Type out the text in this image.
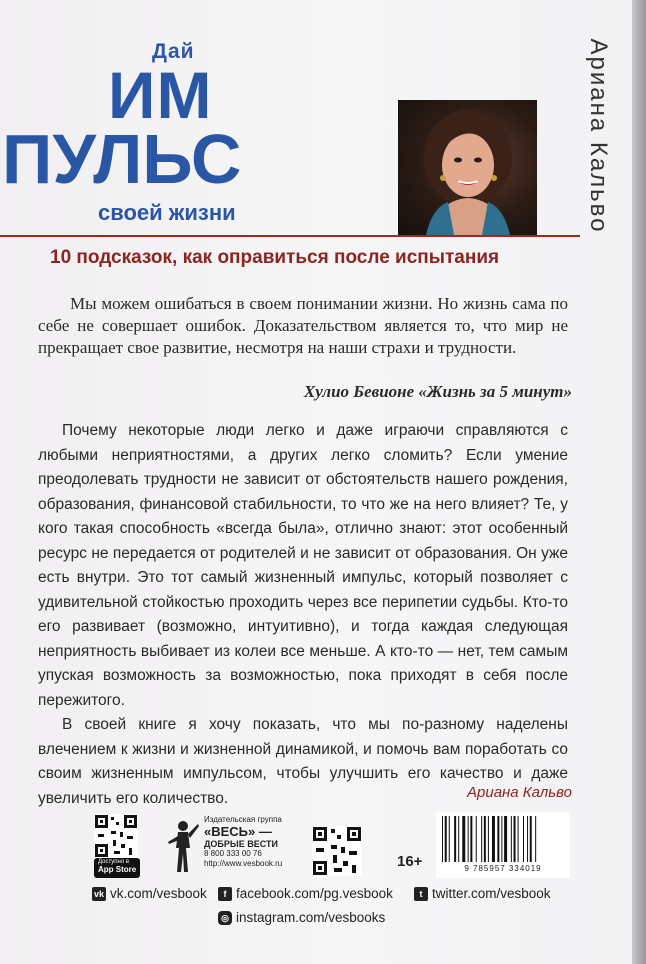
Дай
ИМ
ПУЛЬС
своей жизни	Ариана Кальво
10 подсказок, как оправиться после испытания
Мы можем ошибаться в своем понимании жизни. Но жизнь сама по себе не совершает ошибок. Доказательством является то, что мир не прекращает свое развитие, несмотря на наши страхи и трудности.
Хулио Бевионе «Жизнь за 5 минут»

Почему некоторые люди легко и даже играючи справляются с любыми неприятностями, а других легко сломить? Если умение преодолевать трудности не зависит от обстоятельств нашего рождения, образования, финансовой стабильности, то что же на него влияет? Те, у кого такая способность «всегда была», отлично знают: этот особенный ресурс не передается от родителей и не зависит от образования. Он уже есть внутри. Это тот самый жизненный импульс, который позволяет с удивительной стойкостью проходить через все перипетии судьбы. Кто-то его развивает (возможно, интуитивно), и тогда каждая следующая неприятность выбивает из колеи все меньше. А кто-то — нет, тем самым упуская возможность за возможностью, пока приходят в себя после пережитого.

В своей книге я хочу показать, что мы по-разному наделены влечением к жизни и жизненной динамикой, и помочь вам поработать со своим жизненным импульсом, чтобы улучшить его качество и даже увеличить его количество.	Ариана Кальво
Доступно в
App Store
Издательская группа
«ВЕСЬ» —
ДОБРЫЕ ВЕСТИ
8 800 333 00 76
http://www.vesbook.ru	16+	9 785957 334019
vk vk.com/vesbook	f facebook.com/pg.vesbook	t twitter.com/vesbook
◎ instagram.com/vesbooks
